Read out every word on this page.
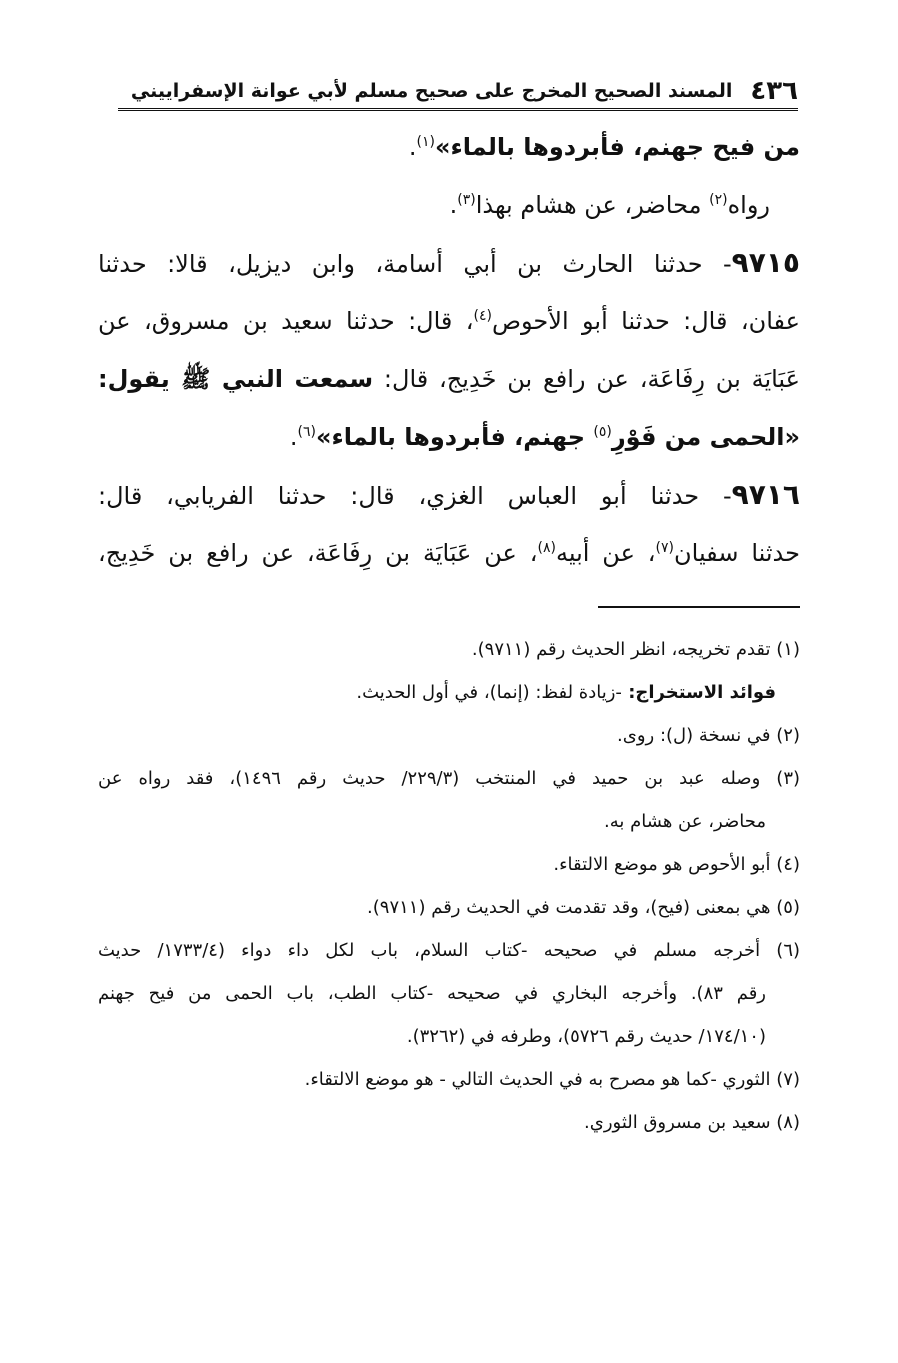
٤٣٦
المسند الصحيح المخرج على صحيح مسلم لأبي عوانة الإسفراييني
من فيح جهنم، فأبردوها بالماء»$^{(١)}$.
رواه$^{(٢)}$ محاضر، عن هشام بهذا$^{(٣)}$.
٩٧١٥- حدثنا الحارث بن أبي أسامة، وابن ديزيل، قالا: حدثنا
عفان، قال: حدثنا أبو الأحوص$^{(٤)}$، قال: حدثنا سعيد بن مسروق، عن
عَبَايَة بن رِفَاعَة، عن رافع بن خَدِيج، قال: سمعت النبي ﷺ يقول:
«الحمى من فَوْرِ$^{(٥)}$ جهنم، فأبردوها بالماء»$^{(٦)}$.
٩٧١٦- حدثنا أبو العباس الغزي، قال: حدثنا الفريابي، قال:
حدثنا سفيان$^{(٧)}$، عن أبيه$^{(٨)}$، عن عَبَايَة بن رِفَاعَة، عن رافع بن خَدِيج،
(١) تقدم تخريجه، انظر الحديث رقم (٩٧١١).
فوائد الاستخراج: -زيادة لفظ: (إنما)، في أول الحديث.
(٢) في نسخة (ل): روى.
(٣) وصله عبد بن حميد في المنتخب (٢٢٩/٣/ حديث رقم ١٤٩٦)، فقد رواه عن
محاضر، عن هشام به.
(٤) أبو الأحوص هو موضع الالتقاء.
(٥) هي بمعنى (فيح)، وقد تقدمت في الحديث رقم (٩٧١١).
(٦) أخرجه مسلم في صحيحه -كتاب السلام، باب لكل داء دواء (١٧٣٣/٤/ حديث
رقم ٨٣). وأخرجه البخاري في صحيحه -كتاب الطب، باب الحمى من فيح جهنم
(١٧٤/١٠/ حديث رقم ٥٧٢٦)، وطرفه في (٣٢٦٢).
(٧) الثوري -كما هو مصرح به في الحديث التالي - هو موضع الالتقاء.
(٨) سعيد بن مسروق الثوري.
